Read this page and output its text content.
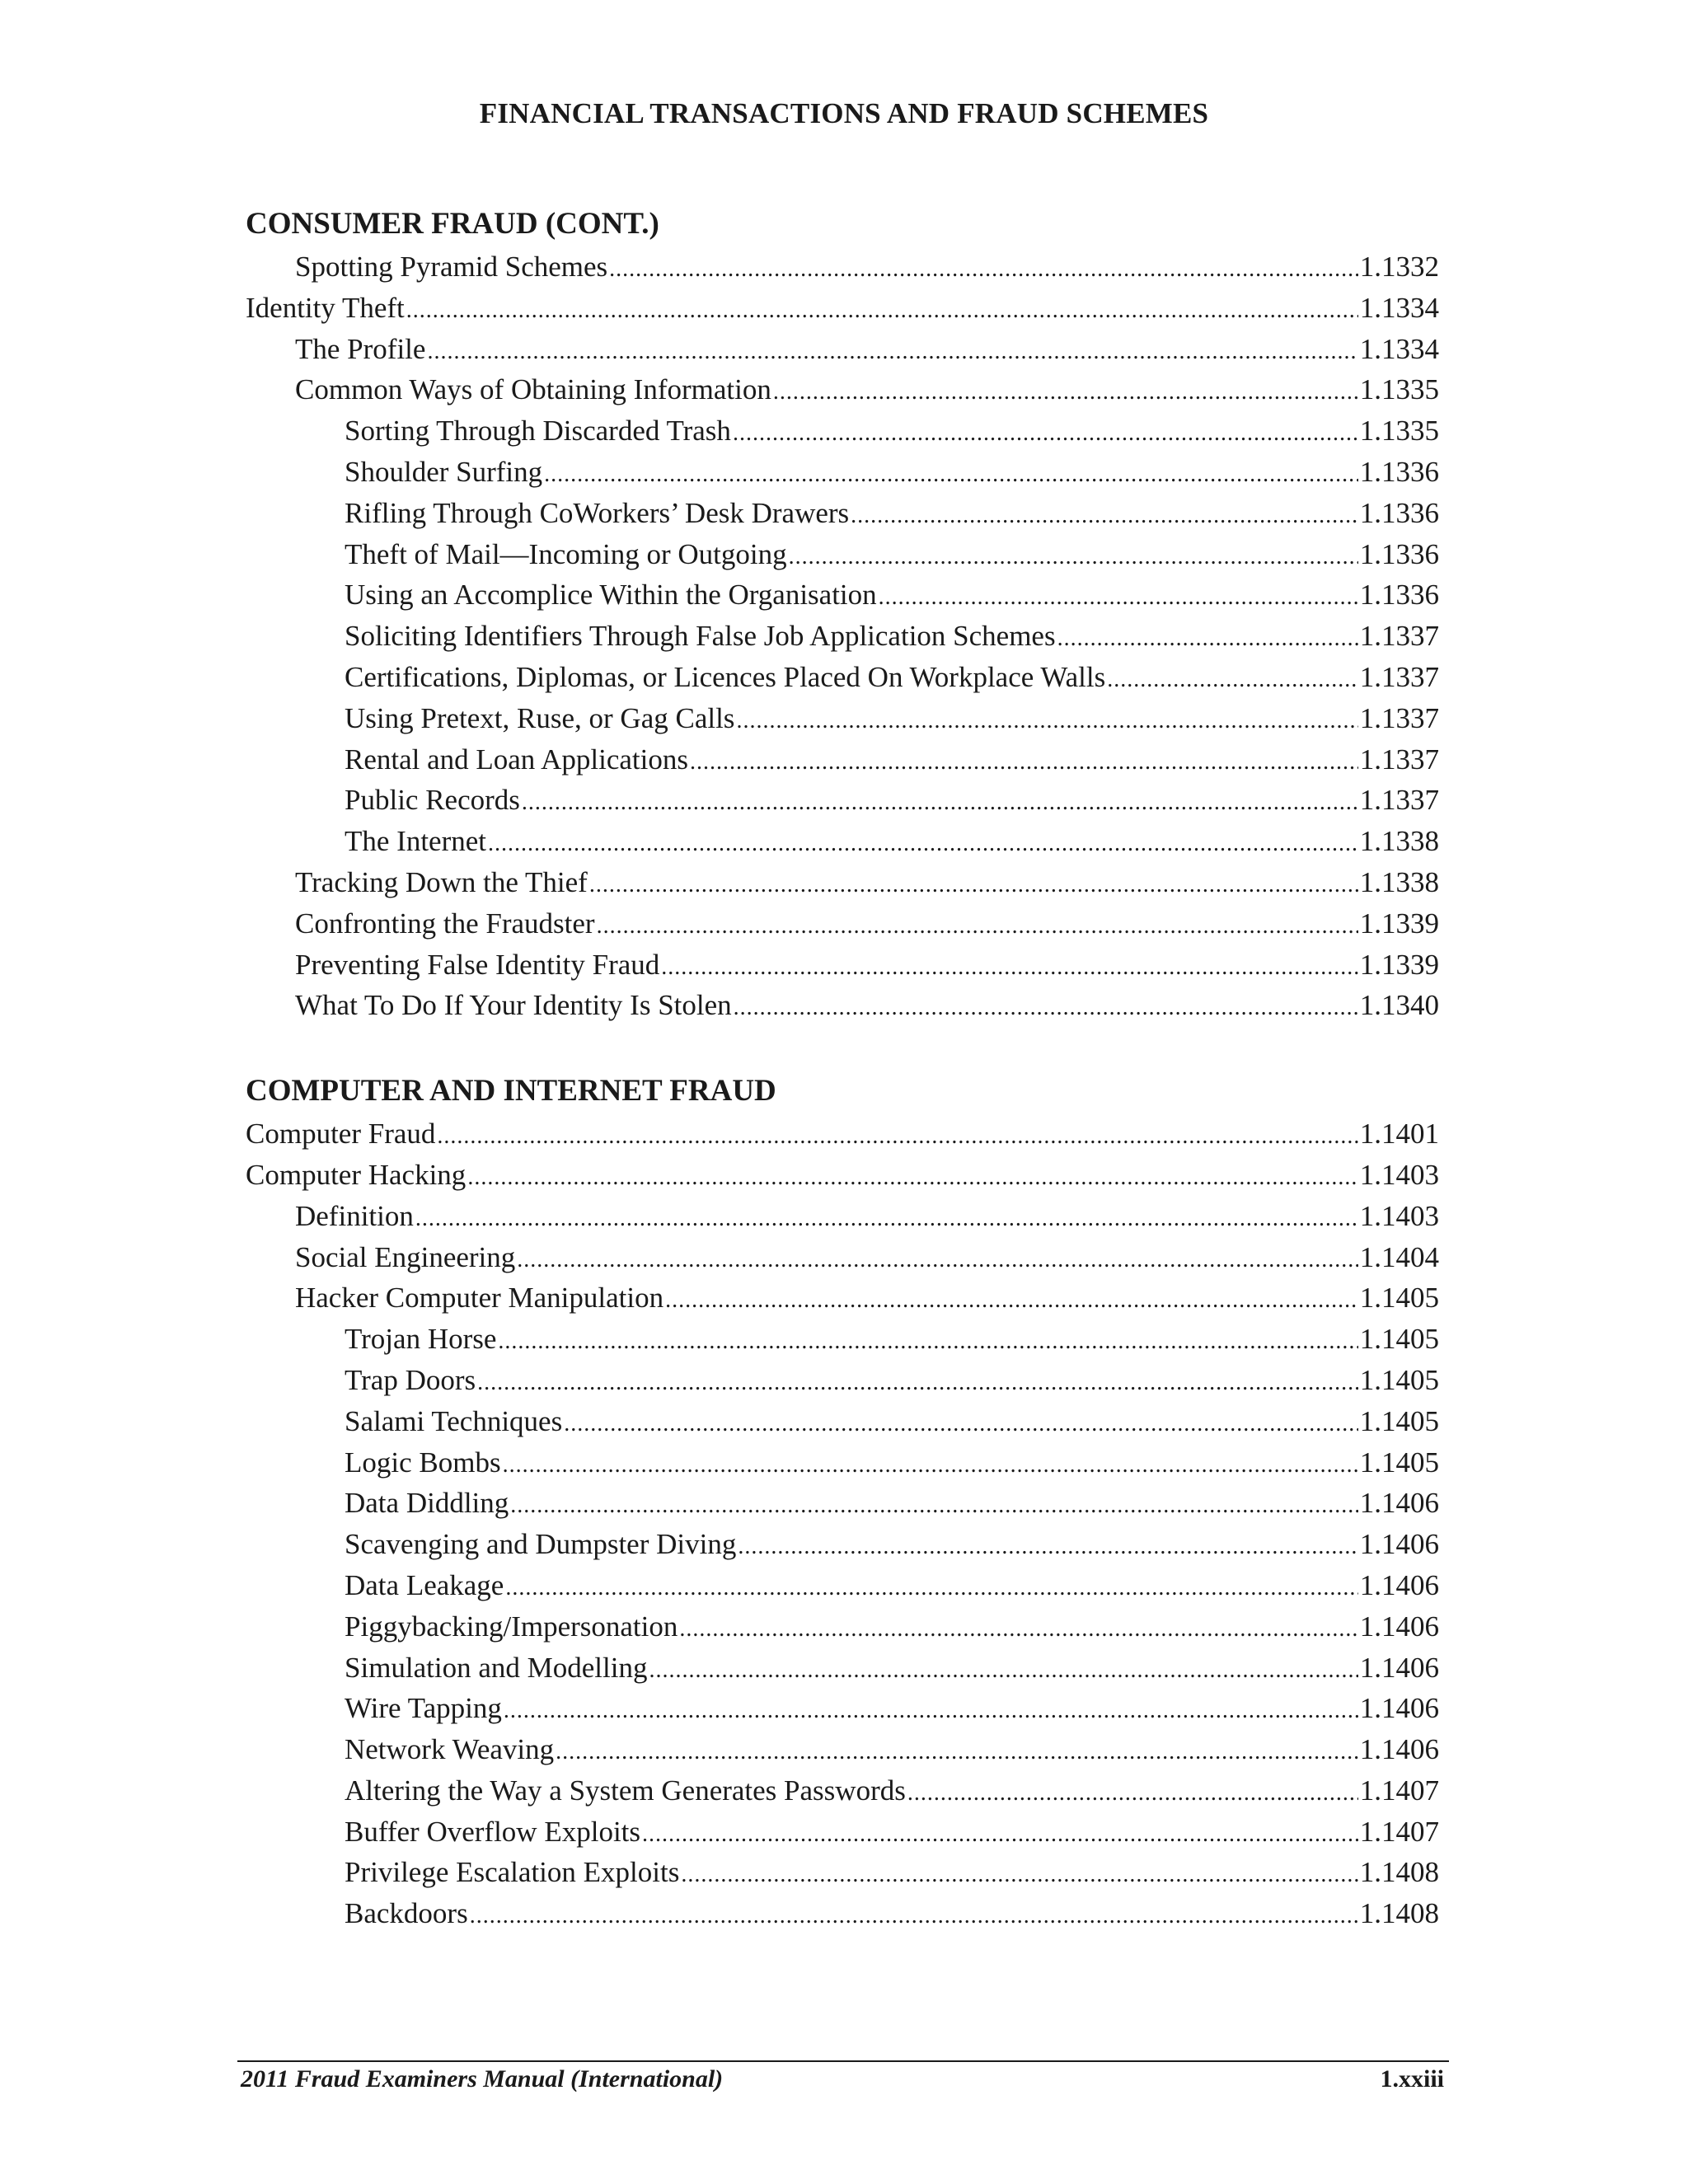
FINANCIAL TRANSACTIONS AND FRAUD SCHEMES
CONSUMER FRAUD (CONT.)
Spotting Pyramid Schemes .....	1.1332
Identity Theft .....	1.1334
The Profile .....	1.1334
Common Ways of Obtaining Information .....	1.1335
Sorting Through Discarded Trash .....	1.1335
Shoulder Surfing .....	1.1336
Rifling Through CoWorkers’ Desk Drawers .....	1.1336
Theft of Mail—Incoming or Outgoing .....	1.1336
Using an Accomplice Within the Organisation .....	1.1336
Soliciting Identifiers Through False Job Application Schemes .....	1.1337
Certifications, Diplomas, or Licences Placed On Workplace Walls .....	1.1337
Using Pretext, Ruse, or Gag Calls .....	1.1337
Rental and Loan Applications .....	1.1337
Public Records .....	1.1337
The Internet .....	1.1338
Tracking Down the Thief .....	1.1338
Confronting the Fraudster .....	1.1339
Preventing False Identity Fraud .....	1.1339
What To Do If Your Identity Is Stolen .....	1.1340
COMPUTER AND INTERNET FRAUD
Computer Fraud .....	1.1401
Computer Hacking .....	1.1403
Definition .....	1.1403
Social Engineering .....	1.1404
Hacker Computer Manipulation .....	1.1405
Trojan Horse .....	1.1405
Trap Doors .....	1.1405
Salami Techniques .....	1.1405
Logic Bombs .....	1.1405
Data Diddling .....	1.1406
Scavenging and Dumpster Diving .....	1.1406
Data Leakage .....	1.1406
Piggybacking/Impersonation .....	1.1406
Simulation and Modelling .....	1.1406
Wire Tapping .....	1.1406
Network Weaving .....	1.1406
Altering the Way a System Generates Passwords .....	1.1407
Buffer Overflow Exploits .....	1.1407
Privilege Escalation Exploits .....	1.1408
Backdoors .....	1.1408
2011 Fraud Examiners Manual (International)	1.xxiii
